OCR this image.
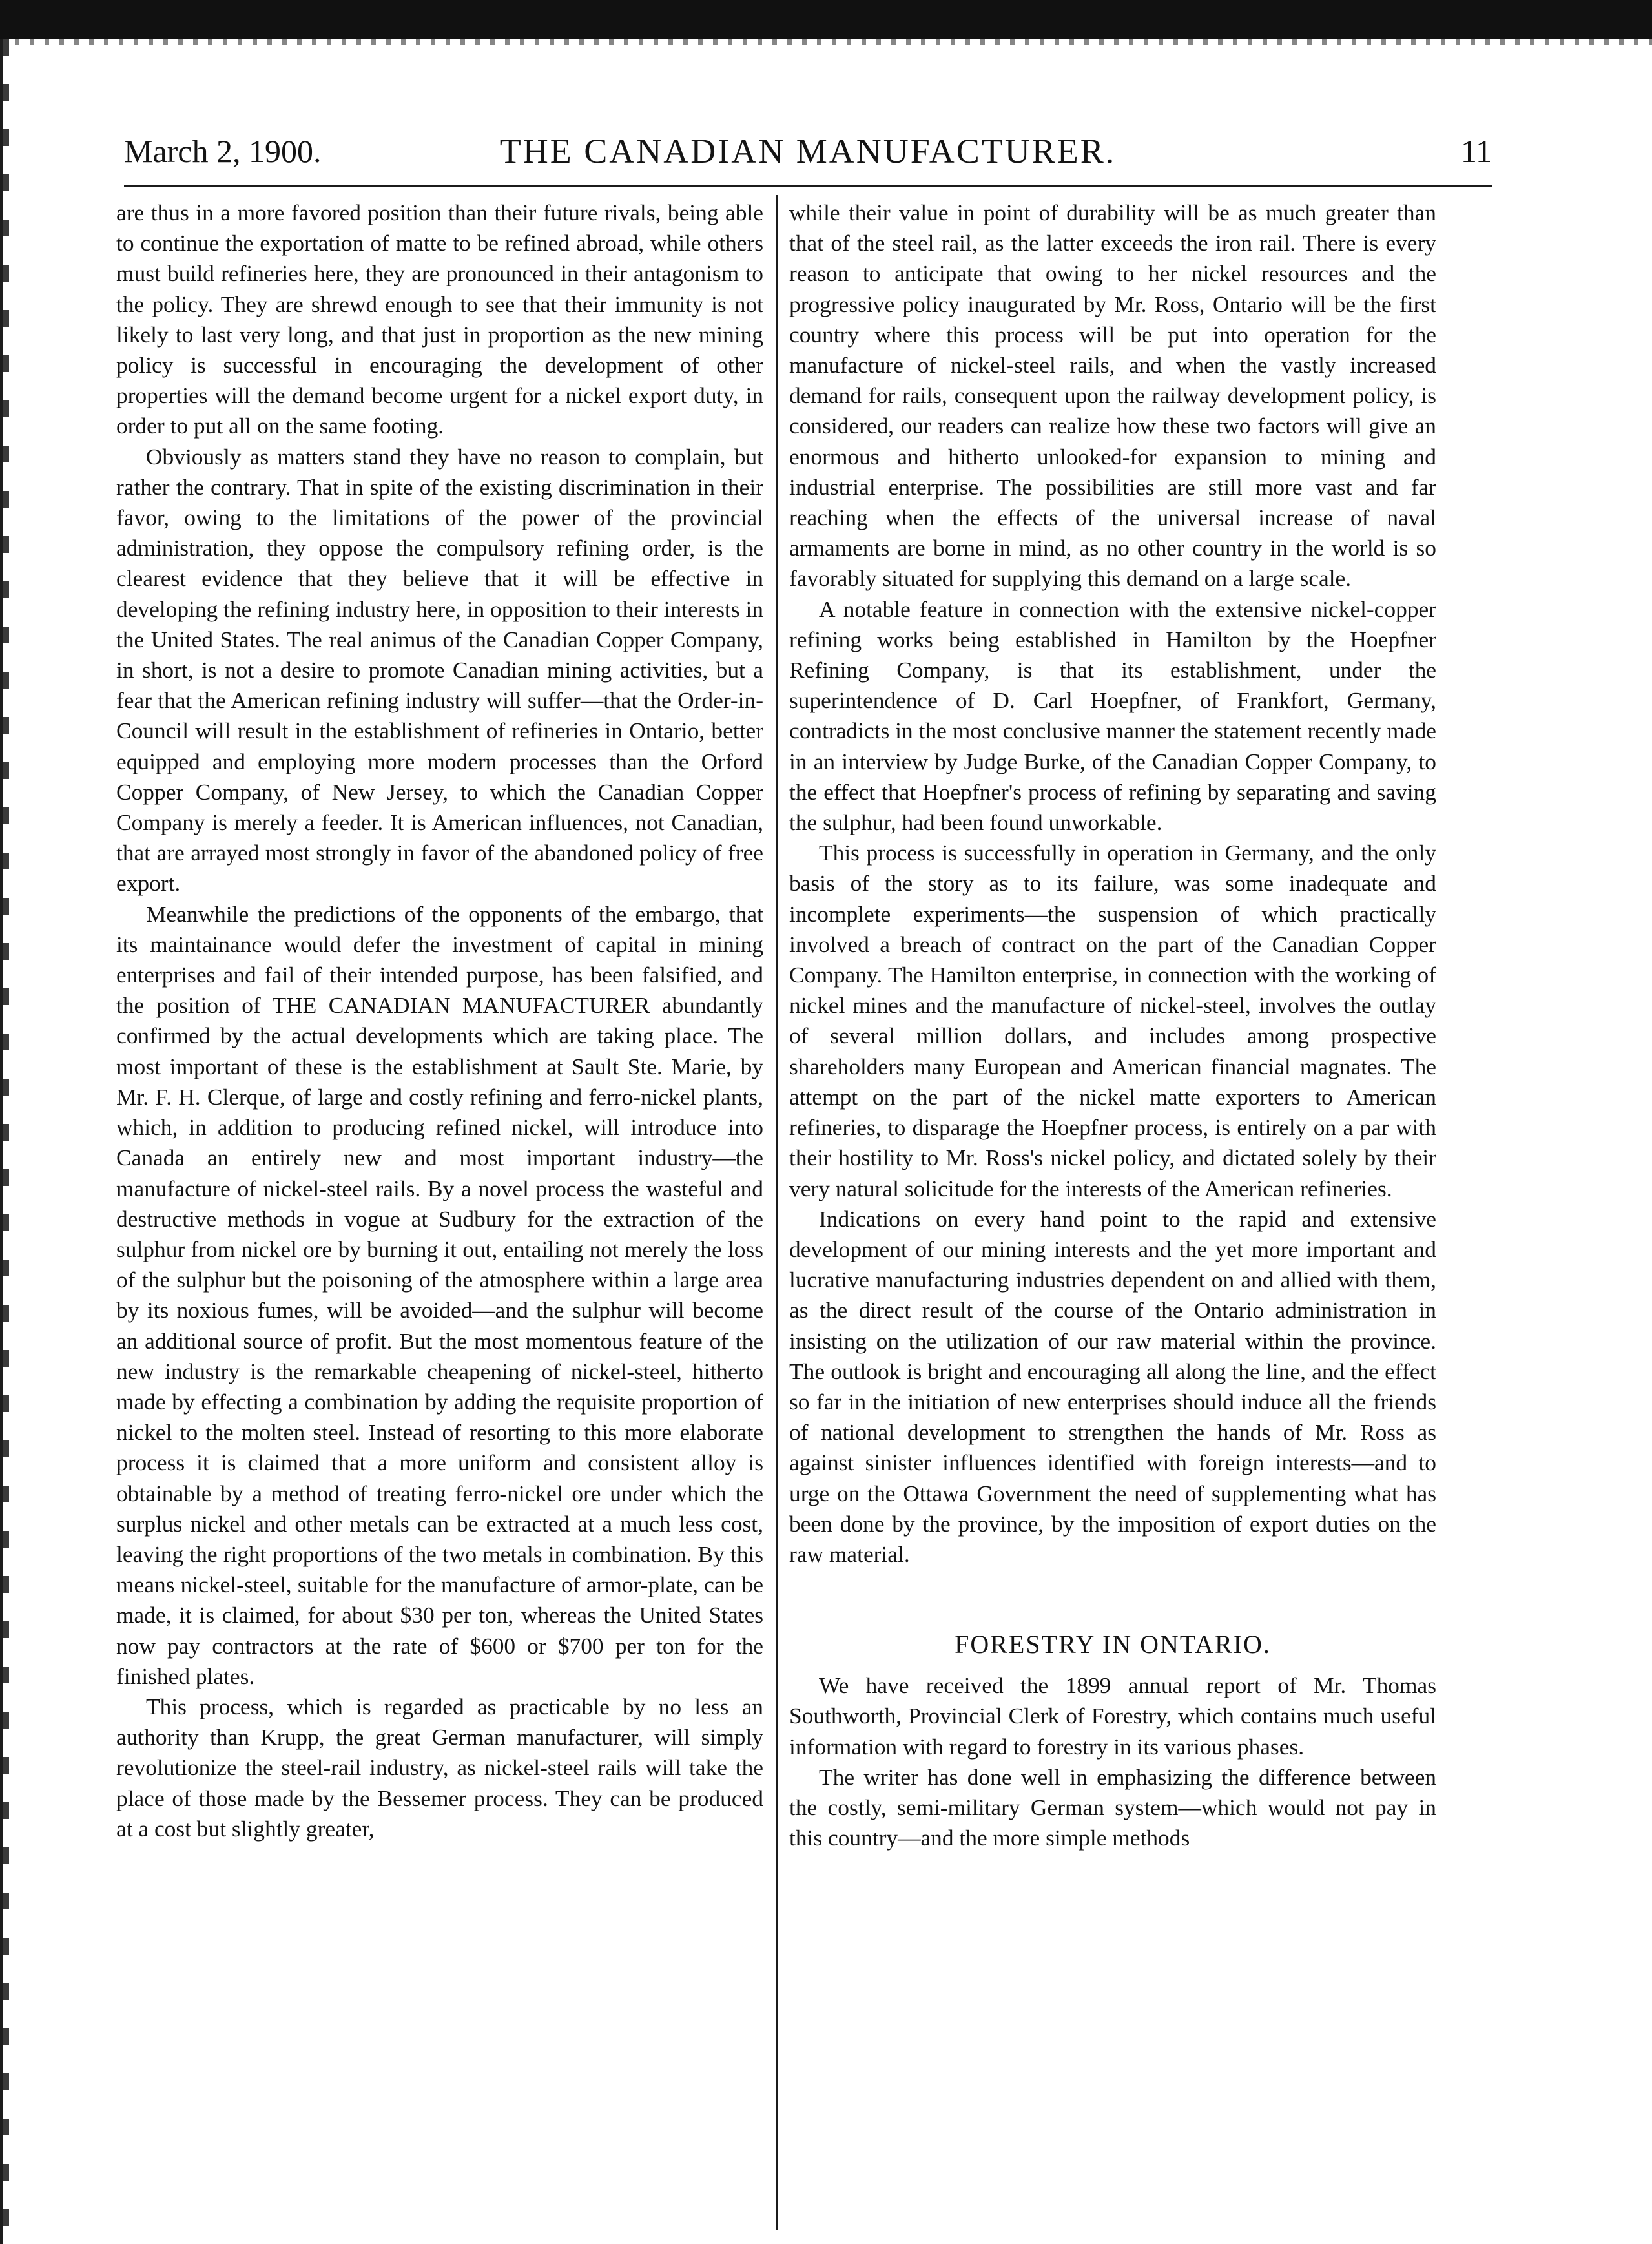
THE CANADIAN MANUFACTURER.
March 2, 1900.	11

are thus in a more favored position than their future rivals, being able to continue the exportation of matte to be refined abroad, while others must build refineries here, they are pronounced in their antagonism to the policy. They are shrewd enough to see that their immunity is not likely to last very long, and that just in proportion as the new mining policy is successful in encouraging the development of other properties will the demand become urgent for a nickel export duty, in order to put all on the same footing.

Obviously as matters stand they have no reason to complain, but rather the contrary. That in spite of the existing discrimination in their favor, owing to the limitations of the power of the provincial administration, they oppose the compulsory refining order, is the clearest evidence that they believe that it will be effective in developing the refining industry here, in opposition to their interests in the United States. The real animus of the Canadian Copper Company, in short, is not a desire to promote Canadian mining activities, but a fear that the American refining industry will suffer—that the Order-in-Council will result in the establishment of refineries in Ontario, better equipped and employing more modern processes than the Orford Copper Company, of New Jersey, to which the Canadian Copper Company is merely a feeder. It is American influences, not Canadian, that are arrayed most strongly in favor of the abandoned policy of free export.

Meanwhile the predictions of the opponents of the embargo, that its maintainance would defer the investment of capital in mining enterprises and fail of their intended purpose, has been falsified, and the position of THE CANADIAN MANUFACTURER abundantly confirmed by the actual developments which are taking place. The most important of these is the establishment at Sault Ste. Marie, by Mr. F. H. Clerque, of large and costly refining and ferro-nickel plants, which, in addition to producing refined nickel, will introduce into Canada an entirely new and most important industry—the manufacture of nickel-steel rails. By a novel process the wasteful and destructive methods in vogue at Sudbury for the extraction of the sulphur from nickel ore by burning it out, entailing not merely the loss of the sulphur but the poisoning of the atmosphere within a large area by its noxious fumes, will be avoided—and the sulphur will become an additional source of profit. But the most momentous feature of the new industry is the remarkable cheapening of nickel-steel, hitherto made by effecting a combination by adding the requisite proportion of nickel to the molten steel. Instead of resorting to this more elaborate process it is claimed that a more uniform and consistent alloy is obtainable by a method of treating ferro-nickel ore under which the surplus nickel and other metals can be extracted at a much less cost, leaving the right proportions of the two metals in combination. By this means nickel-steel, suitable for the manufacture of armor-plate, can be made, it is claimed, for about $30 per ton, whereas the United States now pay contractors at the rate of $600 or $700 per ton for the finished plates.

This process, which is regarded as practicable by no less an authority than Krupp, the great German manufacturer, will simply revolutionize the steel-rail industry, as nickel-steel rails will take the place of those made by the Bessemer process. They can be produced at a cost but slightly greater,

while their value in point of durability will be as much greater than that of the steel rail, as the latter exceeds the iron rail. There is every reason to anticipate that owing to her nickel resources and the progressive policy inaugurated by Mr. Ross, Ontario will be the first country where this process will be put into operation for the manufacture of nickel-steel rails, and when the vastly increased demand for rails, consequent upon the railway development policy, is considered, our readers can realize how these two factors will give an enormous and hitherto unlooked-for expansion to mining and industrial enterprise. The possibilities are still more vast and far reaching when the effects of the universal increase of naval armaments are borne in mind, as no other country in the world is so favorably situated for supplying this demand on a large scale.

A notable feature in connection with the extensive nickel-copper refining works being established in Hamilton by the Hoepfner Refining Company, is that its establishment, under the superintendence of D. Carl Hoepfner, of Frankfort, Germany, contradicts in the most conclusive manner the statement recently made in an interview by Judge Burke, of the Canadian Copper Company, to the effect that Hoepfner's process of refining by separating and saving the sulphur, had been found unworkable.

This process is successfully in operation in Germany, and the only basis of the story as to its failure, was some inadequate and incomplete experiments—the suspension of which practically involved a breach of contract on the part of the Canadian Copper Company. The Hamilton enterprise, in connection with the working of nickel mines and the manufacture of nickel-steel, involves the outlay of several million dollars, and includes among prospective shareholders many European and American financial magnates. The attempt on the part of the nickel matte exporters to American refineries, to disparage the Hoepfner process, is entirely on a par with their hostility to Mr. Ross's nickel policy, and dictated solely by their very natural solicitude for the interests of the American refineries.

Indications on every hand point to the rapid and extensive development of our mining interests and the yet more important and lucrative manufacturing industries dependent on and allied with them, as the direct result of the course of the Ontario administration in insisting on the utilization of our raw material within the province. The outlook is bright and encouraging all along the line, and the effect so far in the initiation of new enterprises should induce all the friends of national development to strengthen the hands of Mr. Ross as against sinister influences identified with foreign interests—and to urge on the Ottawa Government the need of supplementing what has been done by the province, by the imposition of export duties on the raw material.

FORESTRY IN ONTARIO.

We have received the 1899 annual report of Mr. Thomas Southworth, Provincial Clerk of Forestry, which contains much useful information with regard to forestry in its various phases.

The writer has done well in emphasizing the difference between the costly, semi-military German system—which would not pay in this country—and the more simple methods
